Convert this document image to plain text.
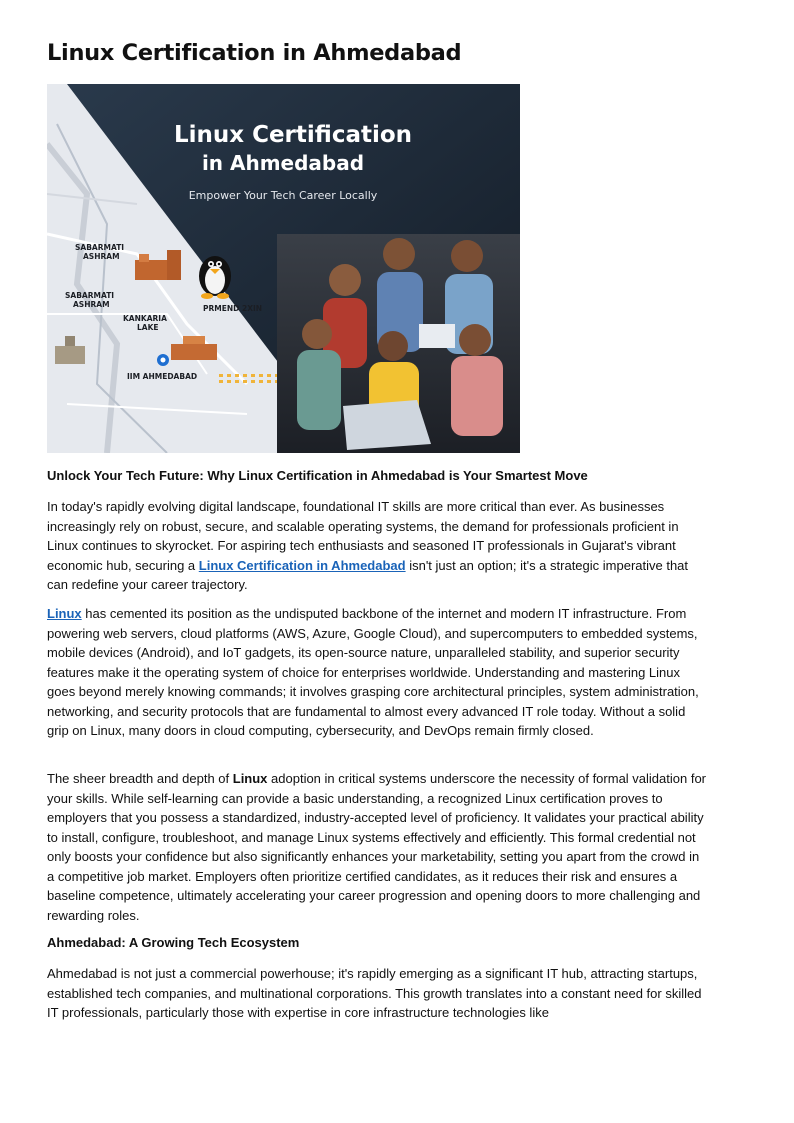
Linux Certification in Ahmedabad
Linux Certification
in Ahmedabad
Empower Your Tech Career Locally
SABARMATI
ASHRAM
SABARMATI
ASHRAM
KANKARIA
LAKE
IIM AHMEDABAD
PRMEND 2XIN
Unlock Your Tech Future: Why Linux Certification in Ahmedabad is Your Smartest Move

In today's rapidly evolving digital landscape, foundational IT skills are more critical than ever. As businesses increasingly rely on robust, secure, and scalable operating systems, the demand for professionals proficient in Linux continues to skyrocket. For aspiring tech enthusiasts and seasoned IT professionals in Gujarat's vibrant economic hub, securing a Linux Certification in Ahmedabad isn't just an option; it's a strategic imperative that can redefine your career trajectory.

Linux has cemented its position as the undisputed backbone of the internet and modern IT infrastructure. From powering web servers, cloud platforms (AWS, Azure, Google Cloud), and supercomputers to embedded systems, mobile devices (Android), and IoT gadgets, its open-source nature, unparalleled stability, and superior security features make it the operating system of choice for enterprises worldwide. Understanding and mastering Linux goes beyond merely knowing commands; it involves grasping core architectural principles, system administration, networking, and security protocols that are fundamental to almost every advanced IT role today. Without a solid grip on Linux, many doors in cloud computing, cybersecurity, and DevOps remain firmly closed.

The sheer breadth and depth of Linux adoption in critical systems underscore the necessity of formal validation for your skills. While self-learning can provide a basic understanding, a recognized Linux certification proves to employers that you possess a standardized, industry-accepted level of proficiency. It validates your practical ability to install, configure, troubleshoot, and manage Linux systems effectively and efficiently. This formal credential not only boosts your confidence but also significantly enhances your marketability, setting you apart from the crowd in a competitive job market. Employers often prioritize certified candidates, as it reduces their risk and ensures a baseline competence, ultimately accelerating your career progression and opening doors to more challenging and rewarding roles.

Ahmedabad: A Growing Tech Ecosystem

Ahmedabad is not just a commercial powerhouse; it's rapidly emerging as a significant IT hub, attracting startups, established tech companies, and multinational corporations. This growth translates into a constant need for skilled IT professionals, particularly those with expertise in core infrastructure technologies like
